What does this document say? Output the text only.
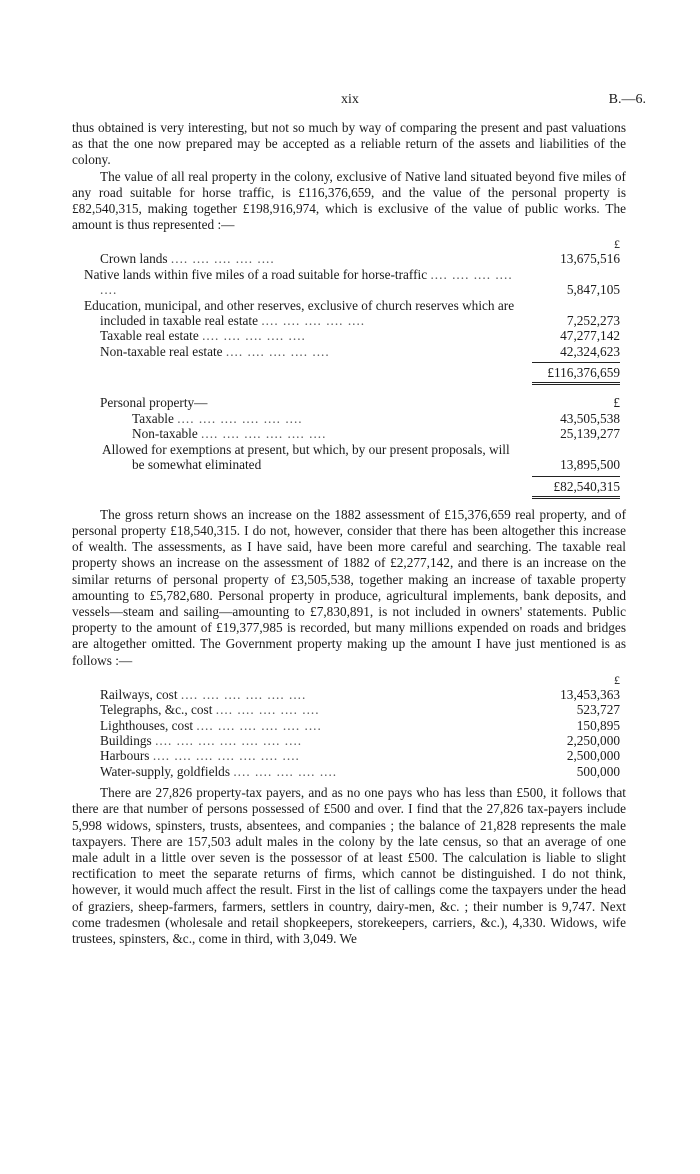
xix	B.—6.

thus obtained is very interesting, but not so much by way of comparing the present and past valuations as that the one now prepared may be accepted as a reliable return of the assets and liabilities of the colony.

The value of all real property in the colony, exclusive of Native land situated beyond five miles of any road suitable for horse traffic, is £116,376,659, and the value of the personal property is £82,540,315, making together £198,916,974, which is exclusive of the value of public works. The amount is thus represented :—

£
Crown lands .... .... .... .... ....	13,675,516
Native lands within five miles of a road suitable for horse-traffic .... .... .... .... ....	5,847,105
Education, municipal, and other reserves, exclusive of church reserves which are included in taxable real estate .... .... .... .... ....	7,252,273
Taxable real estate .... .... .... .... ....	47,277,142
Non-taxable real estate .... .... .... .... ....	42,324,623
£116,376,659
Personal property—	£
Taxable .... .... .... .... .... ....	43,505,538
Non-taxable .... .... .... .... .... ....	25,139,277
Allowed for exemptions at present, but which, by our present proposals, will be somewhat eliminated	13,895,500
£82,540,315

The gross return shows an increase on the 1882 assessment of £15,376,659 real property, and of personal property £18,540,315. I do not, however, consider that there has been altogether this increase of wealth. The assessments, as I have said, have been more careful and searching. The taxable real property shows an increase on the assessment of 1882 of £2,277,142, and there is an increase on the similar returns of personal property of £3,505,538, together making an increase of taxable property amounting to £5,782,680. Personal property in produce, agricultural implements, bank deposits, and vessels—steam and sailing—amounting to £7,830,891, is not included in owners' statements. Public property to the amount of £19,377,985 is recorded, but many millions expended on roads and bridges are altogether omitted. The Government property making up the amount I have just mentioned is as follows :—

£
Railways, cost .... .... .... .... .... ....	13,453,363
Telegraphs, &c., cost .... .... .... .... ....	523,727
Lighthouses, cost .... .... .... .... .... ....	150,895
Buildings .... .... .... .... .... .... ....	2,250,000
Harbours .... .... .... .... .... .... ....	2,500,000
Water-supply, goldfields .... .... .... .... ....	500,000

There are 27,826 property-tax payers, and as no one pays who has less than £500, it follows that there are that number of persons possessed of £500 and over. I find that the 27,826 tax-payers include 5,998 widows, spinsters, trusts, absentees, and companies ; the balance of 21,828 represents the male taxpayers. There are 157,503 adult males in the colony by the late census, so that an average of one male adult in a little over seven is the possessor of at least £500. The calculation is liable to slight rectification to meet the separate returns of firms, which cannot be distinguished. I do not think, however, it would much affect the result. First in the list of callings come the taxpayers under the head of graziers, sheep-farmers, farmers, settlers in country, dairy-men, &c. ; their number is 9,747. Next come tradesmen (wholesale and retail shopkeepers, storekeepers, carriers, &c.), 4,330. Widows, wife trustees, spinsters, &c., come in third, with 3,049. We
